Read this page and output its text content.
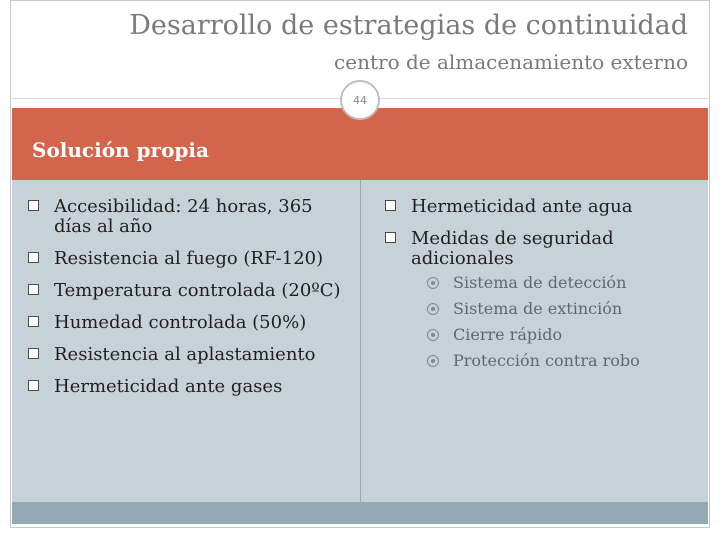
Desarrollo de estrategias de continuidad
centro de almacenamiento externo
44
Solución propia
Accesibilidad: 24 horas, 365 días al año
Resistencia al fuego (RF-120)
Temperatura controlada (20ºC)
Humedad controlada (50%)
Resistencia al aplastamiento
Hermeticidad ante gases
Hermeticidad ante agua
Medidas de seguridad adicionales
Sistema de detección
Sistema de extinción
Cierre rápido
Protección contra robo
